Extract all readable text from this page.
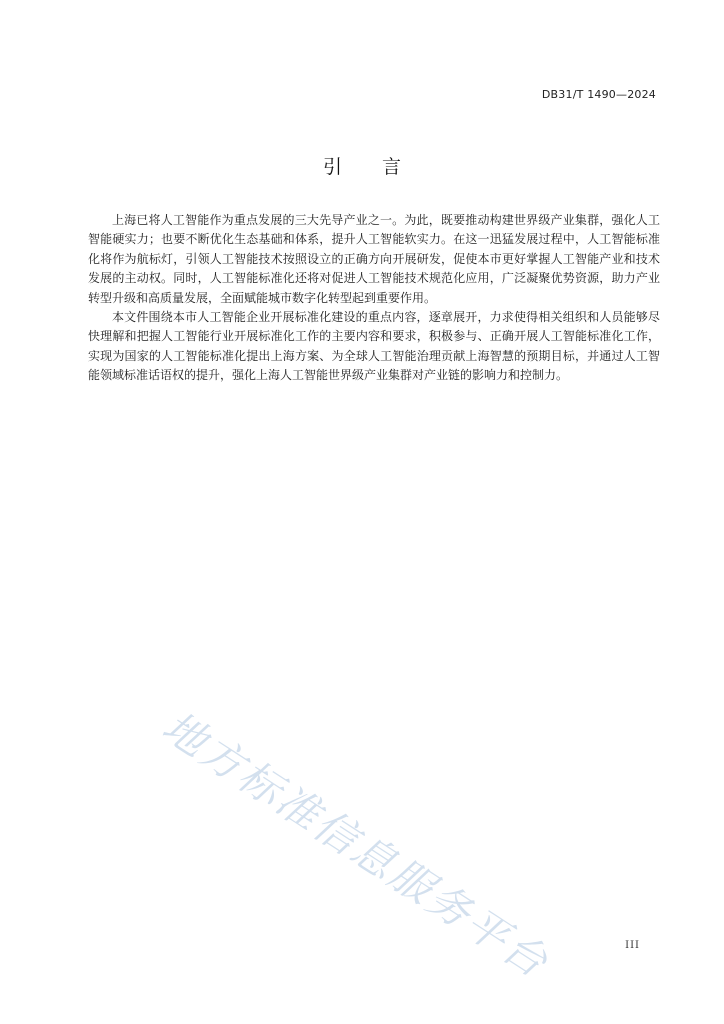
DB31/T 1490—2024
引言

上海已将人工智能作为重点发展的三大先导产业之一。为此，既要推动构建世界级产业集群，强化人工智能硬实力；也要不断优化生态基础和体系，提升人工智能软实力。在这一迅猛发展过程中，人工智能标准化将作为航标灯，引领人工智能技术按照设立的正确方向开展研发，促使本市更好掌握人工智能产业和技术发展的主动权。同时，人工智能标准化还将对促进人工智能技术规范化应用，广泛凝聚优势资源，助力产业转型升级和高质量发展，全面赋能城市数字化转型起到重要作用。

本文件围绕本市人工智能企业开展标准化建设的重点内容，逐章展开，力求使得相关组织和人员能够尽快理解和把握人工智能行业开展标准化工作的主要内容和要求，积极参与、正确开展人工智能标准化工作，实现为国家的人工智能标准化提出上海方案、为全球人工智能治理贡献上海智慧的预期目标，并通过人工智能领域标准话语权的提升，强化上海人工智能世界级产业集群对产业链的影响力和控制力。

地方标准信息服务平台	III
